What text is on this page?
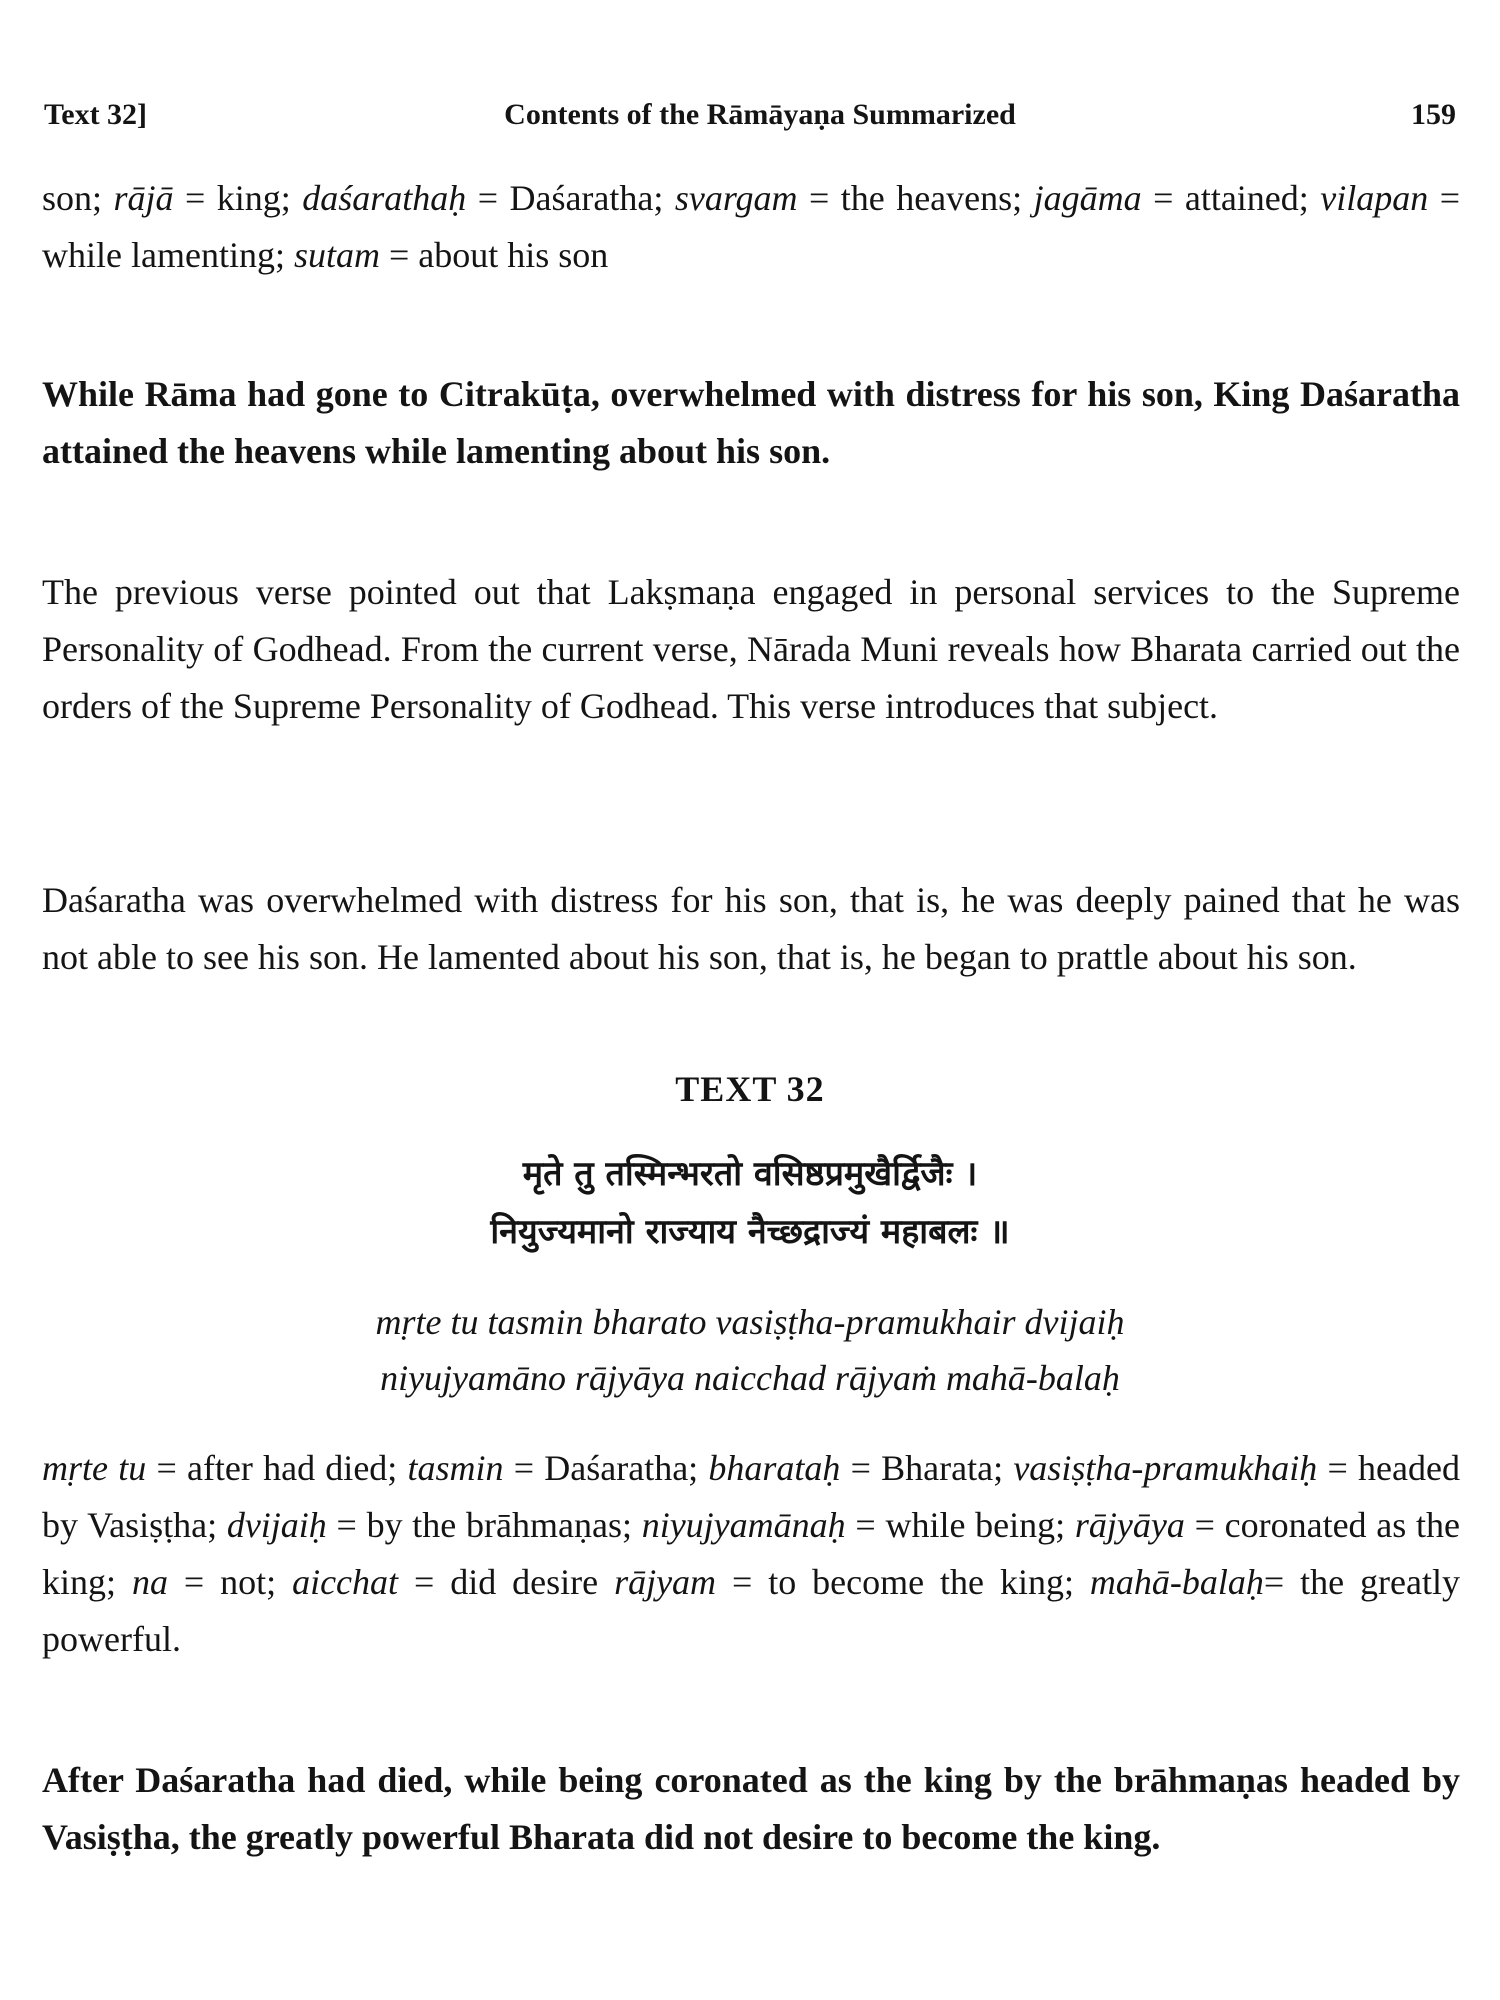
Text 32]	Contents of the Rāmāyaṇa Summarized	159

son; rājā = king; daśarathaḥ = Daśaratha; svargam = the heavens; jagāma = attained; vilapan = while lamenting; sutam = about his son

While Rāma had gone to Citrakūṭa, overwhelmed with distress for his son, King Daśaratha attained the heavens while lamenting about his son.

The previous verse pointed out that Lakṣmaṇa engaged in personal services to the Supreme Personality of Godhead. From the current verse, Nārada Muni reveals how Bharata carried out the orders of the Supreme Personality of Godhead. This verse introduces that subject.

Daśaratha was overwhelmed with distress for his son, that is, he was deeply pained that he was not able to see his son. He lamented about his son, that is, he began to prattle about his son.

TEXT 32
मृते तु तस्मिन्भरतो वसिष्ठप्रमुखैर्द्विजैः ।
नियुज्यमानो राज्याय नैच्छद्राज्यं महाबलः ॥
mṛte tu tasmin bharato vasiṣṭha-pramukhair dvijaiḥ
niyujyamāno rājyāya naicchad rājyaṁ mahā-balaḥ

mṛte tu = after had died; tasmin = Daśaratha; bharataḥ = Bharata; vasiṣṭha-pramukhaiḥ = headed by Vasiṣṭha; dvijaiḥ = by the brāhmaṇas; niyujyamānaḥ = while being; rājyāya = coronated as the king; na = not; aicchat = did desire rājyam = to become the king; mahā-balaḥ= the greatly powerful.

After Daśaratha had died, while being coronated as the king by the brāhmaṇas headed by Vasiṣṭha, the greatly powerful Bharata did not desire to become the king.
